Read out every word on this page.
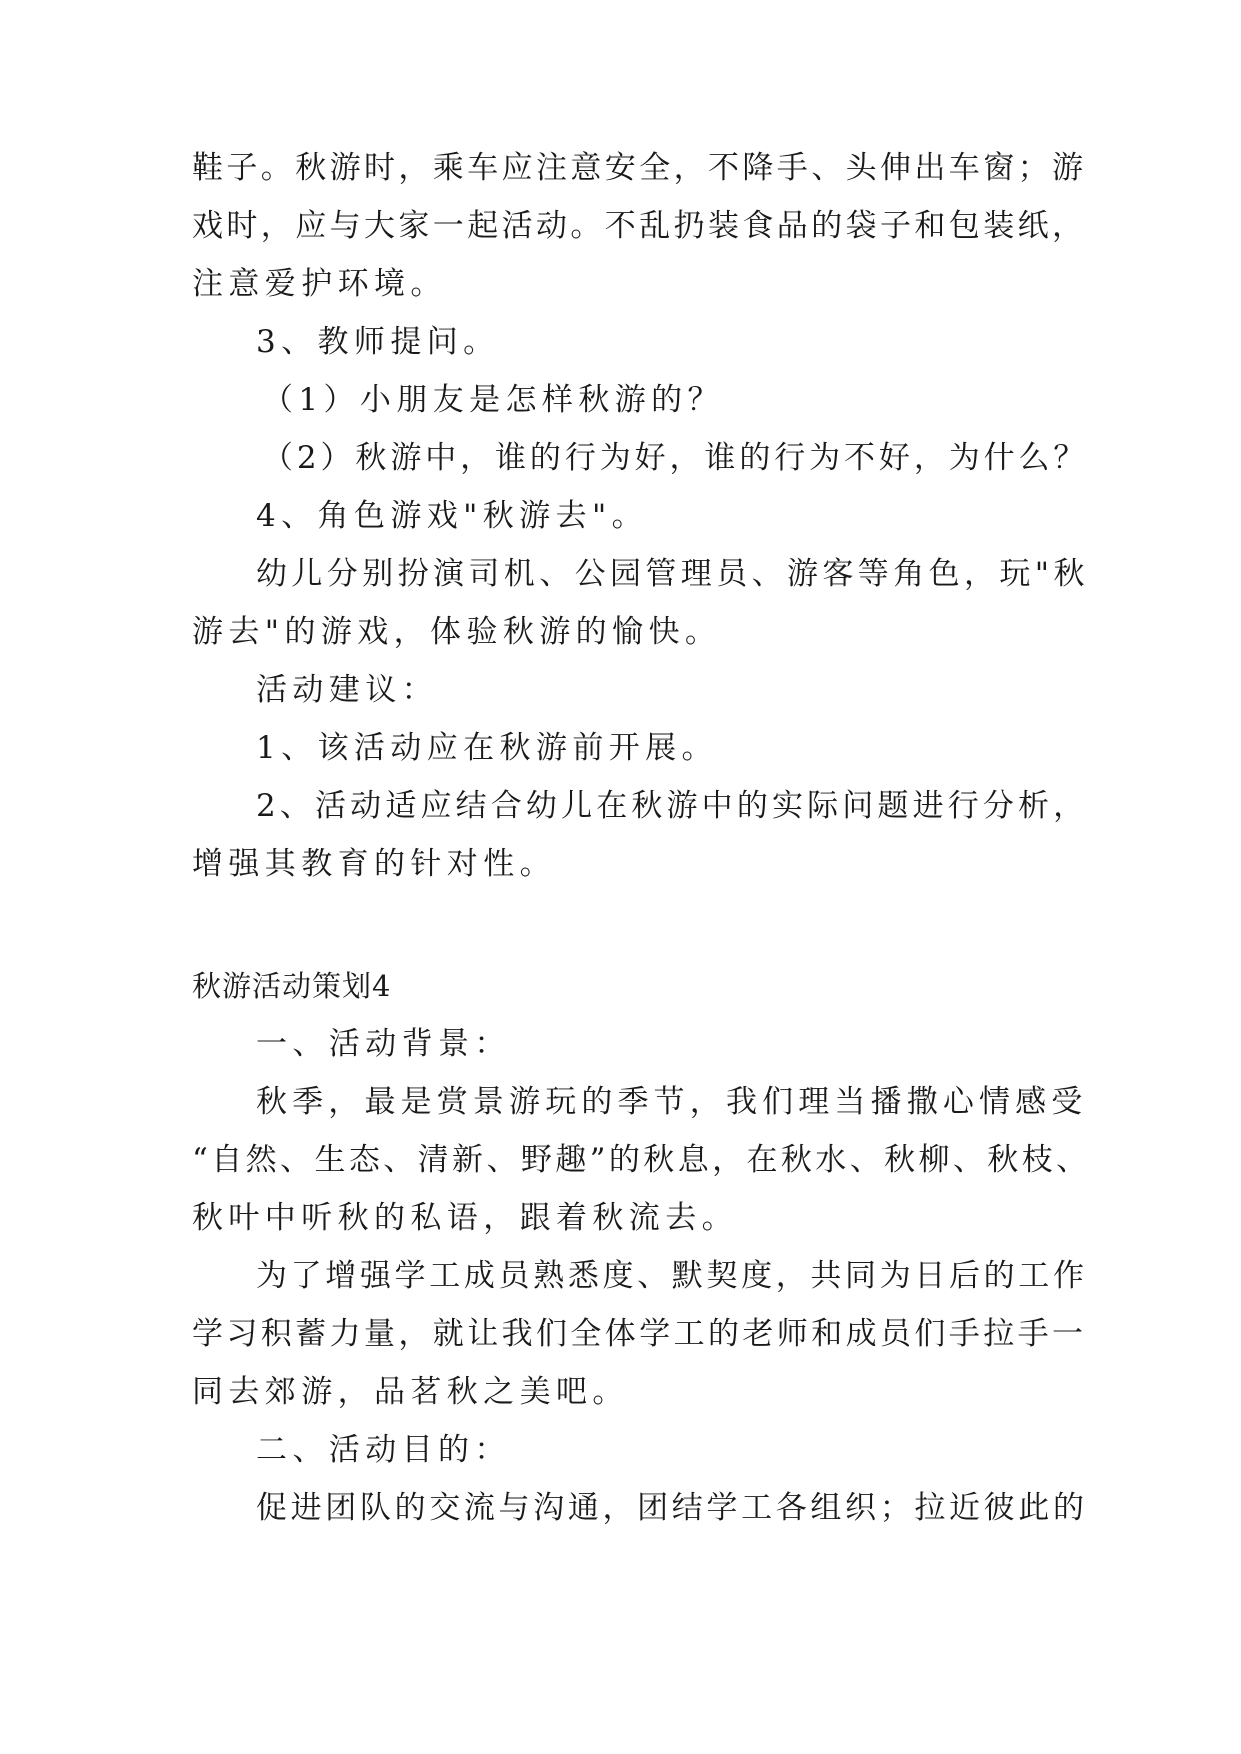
鞋子。秋游时，乘车应注意安全，不降手、头伸出车窗；游

戏时，应与大家一起活动。不乱扔装食品的袋子和包装纸，

注意爱护环境。

3、教师提问。

（1）小朋友是怎样秋游的？

（2）秋游中，谁的行为好，谁的行为不好，为什么？

4、角色游戏"秋游去"。

幼儿分别扮演司机、公园管理员、游客等角色，玩"秋

游去"的游戏，体验秋游的愉快。

活动建议：

1、该活动应在秋游前开展。

2、活动适应结合幼儿在秋游中的实际问题进行分析，

增强其教育的针对性。

秋游活动策划4

一、活动背景：

秋季，最是赏景游玩的季节，我们理当播撒心情感受

“自然、生态、清新、野趣”的秋息，在秋水、秋柳、秋枝、

秋叶中听秋的私语，跟着秋流去。

为了增强学工成员熟悉度、默契度，共同为日后的工作

学习积蓄力量，就让我们全体学工的老师和成员们手拉手一

同去郊游，品茗秋之美吧。

二、活动目的：

促进团队的交流与沟通，团结学工各组织；拉近彼此的
